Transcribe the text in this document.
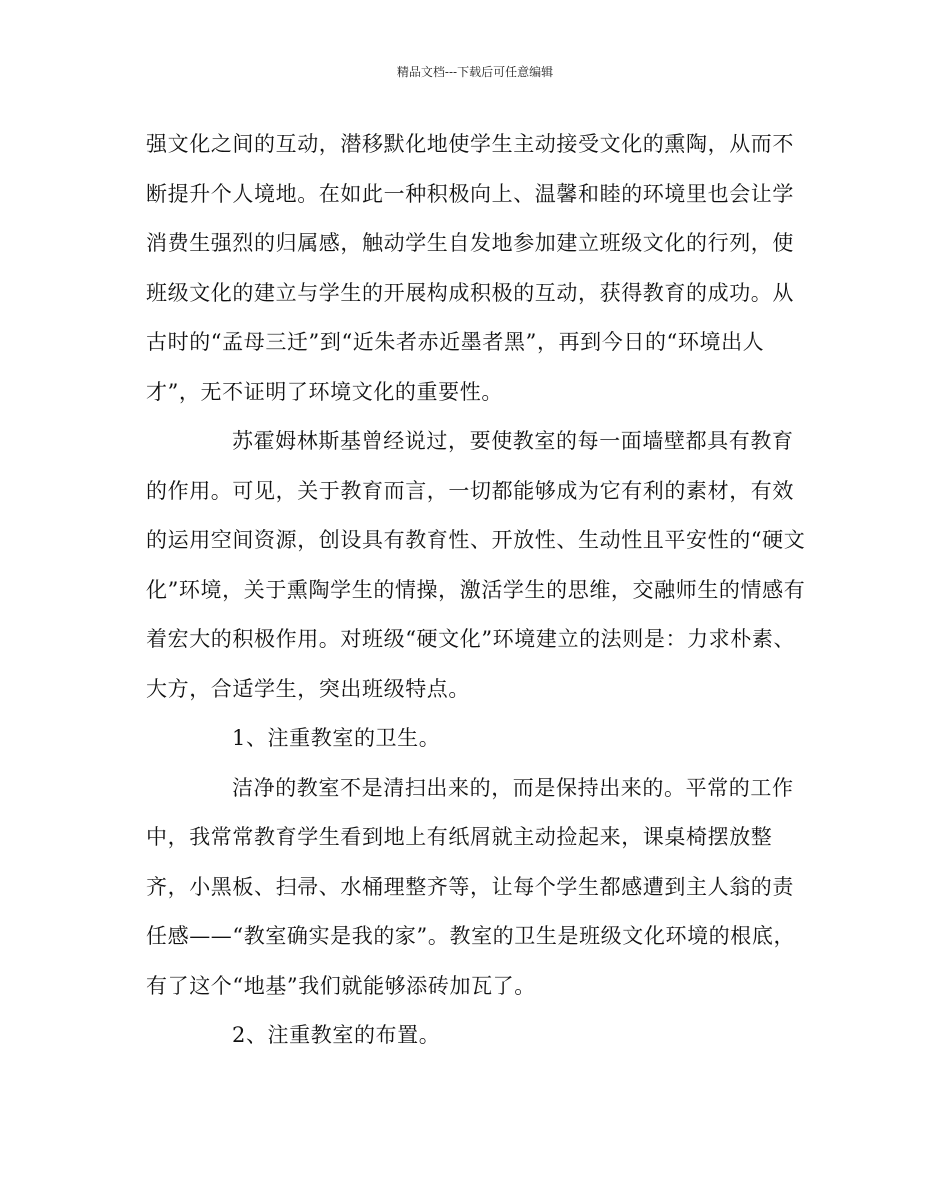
精品文档---下载后可任意编辑
强文化之间的互动，潜移默化地使学生主动接受文化的熏陶，从而不
断提升个人境地。在如此一种积极向上、温馨和睦的环境里也会让学
消费生强烈的归属感，触动学生自发地参加建立班级文化的行列，使
班级文化的建立与学生的开展构成积极的互动，获得教育的成功。从
古时的“孟母三迁”到“近朱者赤近墨者黑”，再到今日的“环境出人
才”，无不证明了环境文化的重要性。
苏霍姆林斯基曾经说过，要使教室的每一面墙壁都具有教育
的作用。可见，关于教育而言，一切都能够成为它有利的素材，有效
的运用空间资源，创设具有教育性、开放性、生动性且平安性的“硬文
化”环境，关于熏陶学生的情操，激活学生的思维，交融师生的情感有
着宏大的积极作用。对班级“硬文化”环境建立的法则是：力求朴素、
大方，合适学生，突出班级特点。
1、注重教室的卫生。
洁净的教室不是清扫出来的，而是保持出来的。平常的工作
中，我常常教育学生看到地上有纸屑就主动捡起来，课桌椅摆放整
齐，小黑板、扫帚、水桶理整齐等，让每个学生都感遭到主人翁的责
任感——“教室确实是我的家”。教室的卫生是班级文化环境的根底，
有了这个“地基”我们就能够添砖加瓦了。
2、注重教室的布置。
